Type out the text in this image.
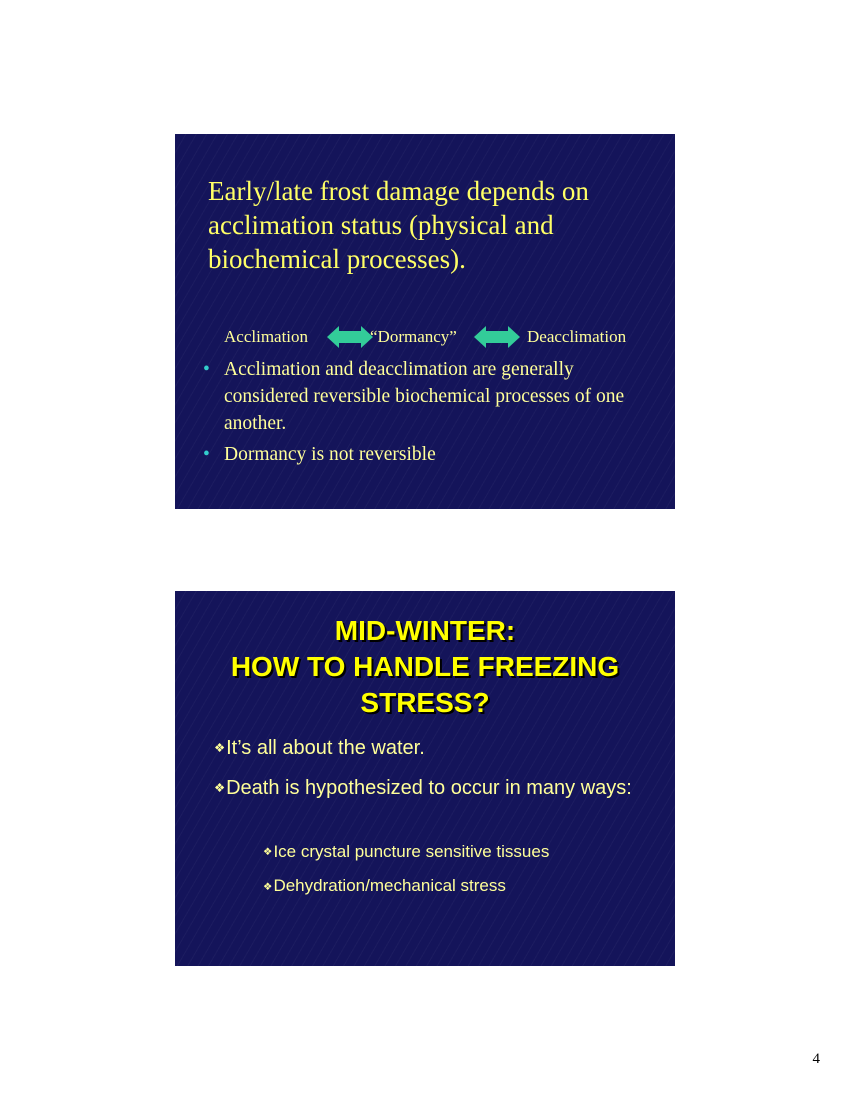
Early/late frost damage depends on acclimation status (physical and biochemical processes).
Acclimation	“Dormancy”	Deacclimation
• Acclimation and deacclimation are generally considered reversible biochemical processes of one another.
• Dormancy is not reversible
MID-WINTER:
HOW TO HANDLE FREEZING
STRESS?
❖It’s all about the water.
❖Death is hypothesized to occur in many ways:
❖Ice crystal puncture sensitive tissues
❖Dehydration/mechanical stress
4
